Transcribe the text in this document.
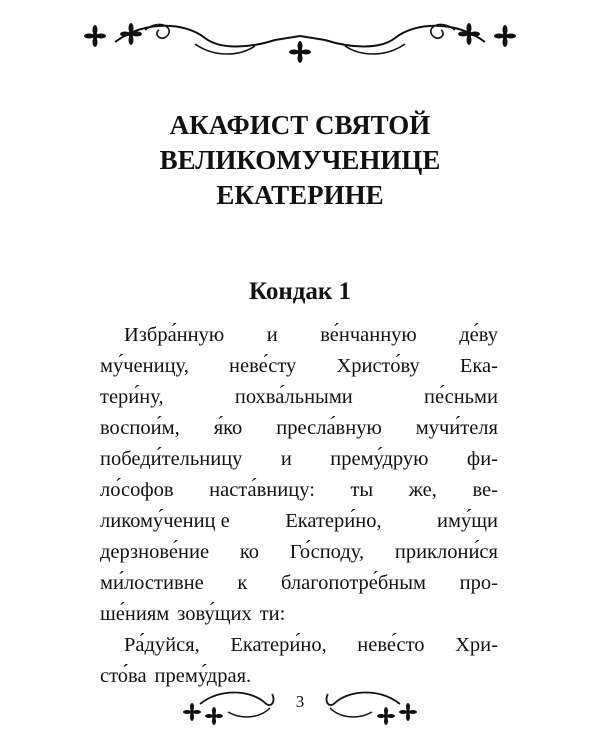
АКАФИСТ СВЯТОЙ
ВЕЛИКОМУЧЕНИЦЕ
ЕКАТЕРИНЕ
Кондак 1
Избра́нную и ве́нчанную де́ву
му́ченицу, неве́сту Христо́ву Ека-
тери́ну,	похва́льными	пе́сньми
воспои́м, я́ко пресла́вную мучи́теля
победи́тельницу и прему́друю фи-
ло́софов наста́вницу: ты же, ве-
ликому́чениц е	Екатери́но,	иму́щи
дерзнове́ние ко Го́споду, приклони́ся
ми́лостивне к благопотре́бным про-
ше́ниям зову́щих ти:
Ра́дуйся, Екатери́но, неве́сто Хри-
сто́ва прему́драя.
3
